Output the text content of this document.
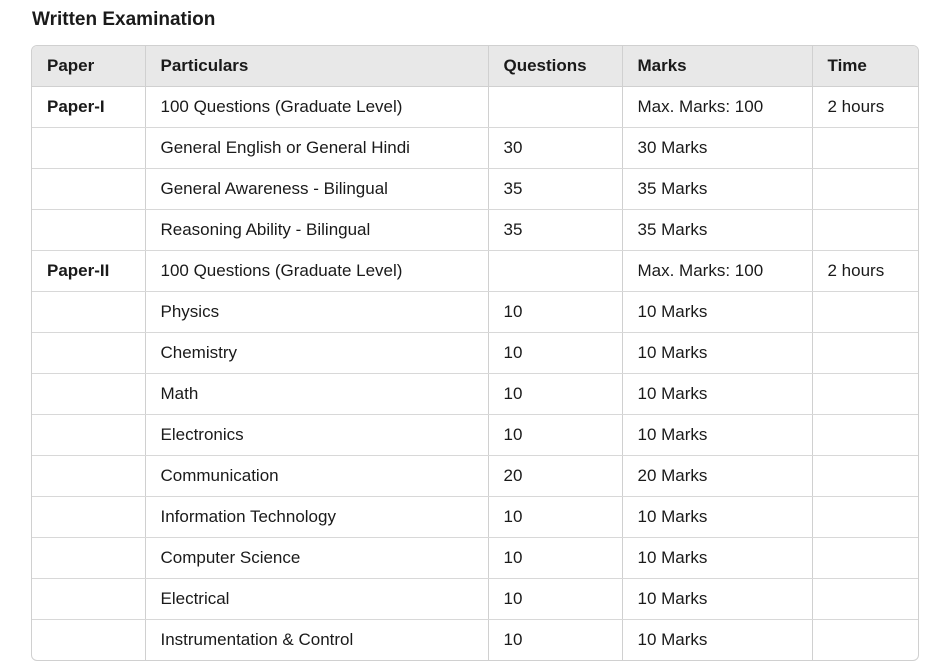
Written Examination
Paper	Particulars	Questions	Marks	Time
Paper-I	100 Questions (Graduate Level)		Max. Marks: 100	2 hours
	General English or General Hindi	30	30 Marks	
	General Awareness - Bilingual	35	35 Marks	
	Reasoning Ability - Bilingual	35	35 Marks	
Paper-II	100 Questions (Graduate Level)		Max. Marks: 100	2 hours
	Physics	10	10 Marks	
	Chemistry	10	10 Marks	
	Math	10	10 Marks	
	Electronics	10	10 Marks	
	Communication	20	20 Marks	
	Information Technology	10	10 Marks	
	Computer Science	10	10 Marks	
	Electrical	10	10 Marks	
	Instrumentation & Control	10	10 Marks	
